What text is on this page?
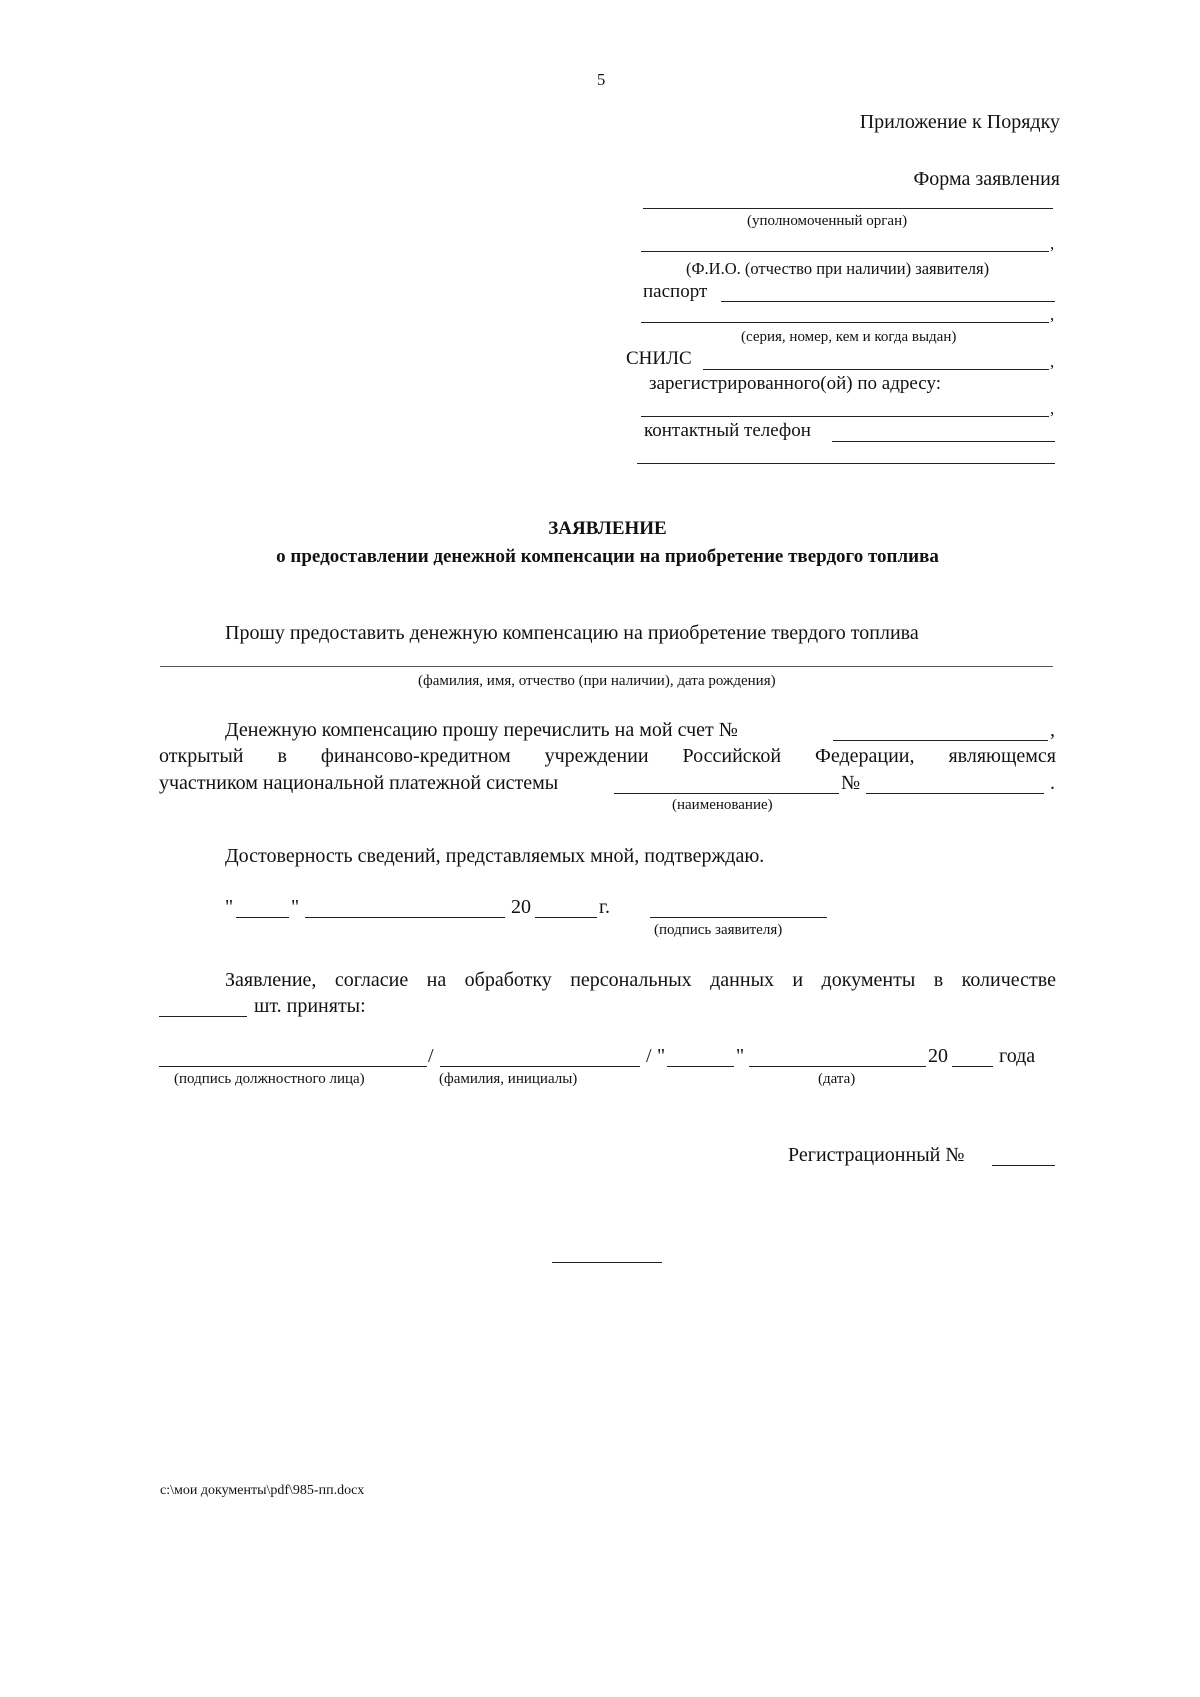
5
Приложение к Порядку
Форма заявления
(уполномоченный орган)
,
(Ф.И.О. (отчество при наличии) заявителя)
паспорт
,
(серия, номер, кем и когда выдан)
СНИЛС	,
зарегистрированного(ой) по адресу:
,
контактный телефон
ЗАЯВЛЕНИЕ
о предоставлении денежной компенсации на приобретение твердого топлива
Прошу предоставить денежную компенсацию на приобретение твердого топлива
(фамилия, имя, отчество (при наличии), дата рождения)
Денежную компенсацию прошу перечислить на мой счет №	,
открытый в финансово-кредитном учреждении Российской Федерации, являющемся
участником национальной платежной системы	№	.
(наименование)
Достоверность сведений, представляемых мной, подтверждаю.
"	"	20	г.
(подпись заявителя)
Заявление, согласие на обработку персональных данных и документы в количестве
шт. приняты:
/	/ "	"	20	года
(подпись должностного лица)	(фамилия, инициалы)	(дата)
Регистрационный №
c:\мои документы\pdf\985-пп.docx
